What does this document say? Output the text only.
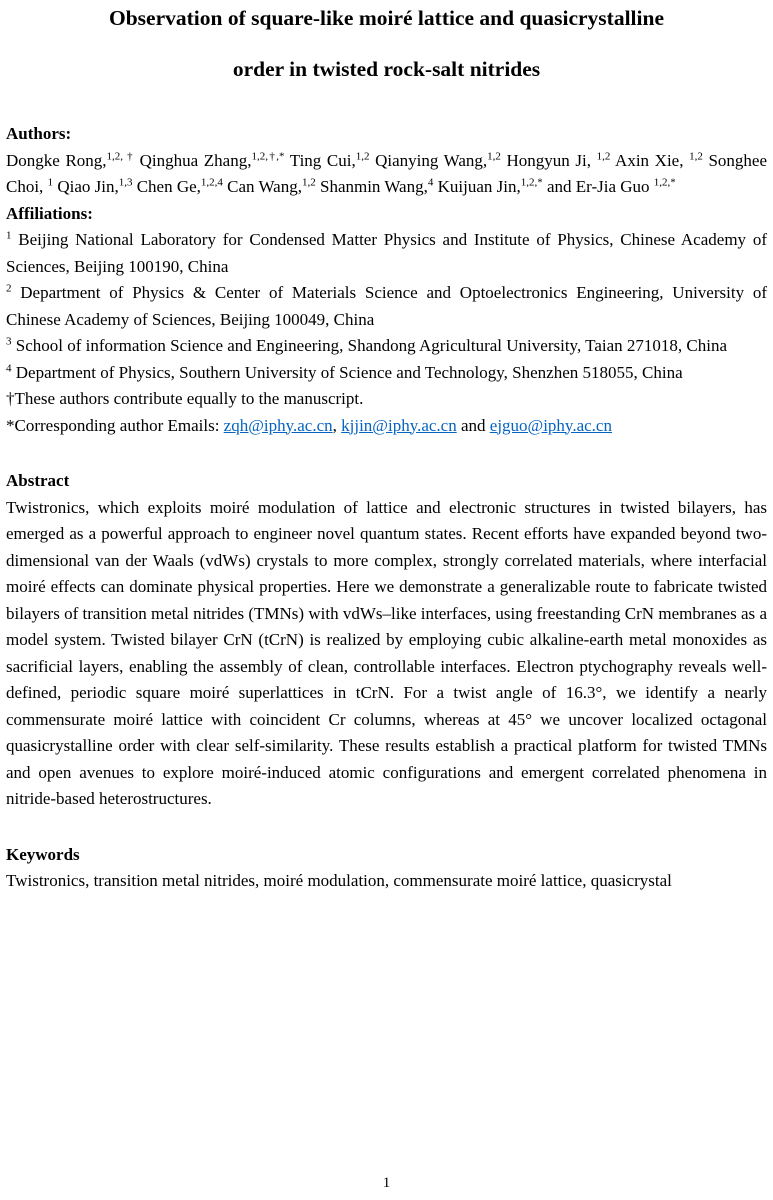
Observation of square-like moiré lattice and quasicrystalline
order in twisted rock-salt nitrides
Authors:

Dongke Rong,$^{1,2, \dagger}$ Qinghua Zhang,$^{1,2,\dagger,*}$ Ting Cui,$^{1,2}$ Qianying Wang,$^{1,2}$ Hongyun Ji, $^{1,2}$ Axin Xie, $^{1,2}$ Songhee Choi, $^1$ Qiao Jin,$^{1,3}$ Chen Ge,$^{1,2,4}$ Can Wang,$^{1,2}$ Shanmin Wang,$^4$ Kuijuan Jin,$^{1,2,*}$ and Er-Jia Guo $^{1,2,*}$

Affiliations:

$^1$ Beijing National Laboratory for Condensed Matter Physics and Institute of Physics, Chinese Academy of Sciences, Beijing 100190, China

$^2$ Department of Physics & Center of Materials Science and Optoelectronics Engineering, University of Chinese Academy of Sciences, Beijing 100049, China

$^3$ School of information Science and Engineering, Shandong Agricultural University, Taian 271018, China

$^4$ Department of Physics, Southern University of Science and Technology, Shenzhen 518055, China

†These authors contribute equally to the manuscript.

*Corresponding author Emails: zqh@iphy.ac.cn, kjjin@iphy.ac.cn and ejguo@iphy.ac.cn

Abstract

Twistronics, which exploits moiré modulation of lattice and electronic structures in twisted bilayers, has emerged as a powerful approach to engineer novel quantum states. Recent efforts have expanded beyond two-dimensional van der Waals (vdWs) crystals to more complex, strongly correlated materials, where interfacial moiré effects can dominate physical properties. Here we demonstrate a generalizable route to fabricate twisted bilayers of transition metal nitrides (TMNs) with vdWs–like interfaces, using freestanding CrN membranes as a model system. Twisted bilayer CrN (tCrN) is realized by employing cubic alkaline-earth metal monoxides as sacrificial layers, enabling the assembly of clean, controllable interfaces. Electron ptychography reveals well-defined, periodic square moiré superlattices in tCrN. For a twist angle of 16.3°, we identify a nearly commensurate moiré lattice with coincident Cr columns, whereas at 45° we uncover localized octagonal quasicrystalline order with clear self-similarity. These results establish a practical platform for twisted TMNs and open avenues to explore moiré-induced atomic configurations and emergent correlated phenomena in nitride-based heterostructures.

Keywords

Twistronics, transition metal nitrides, moiré modulation, commensurate moiré lattice, quasicrystal

1
